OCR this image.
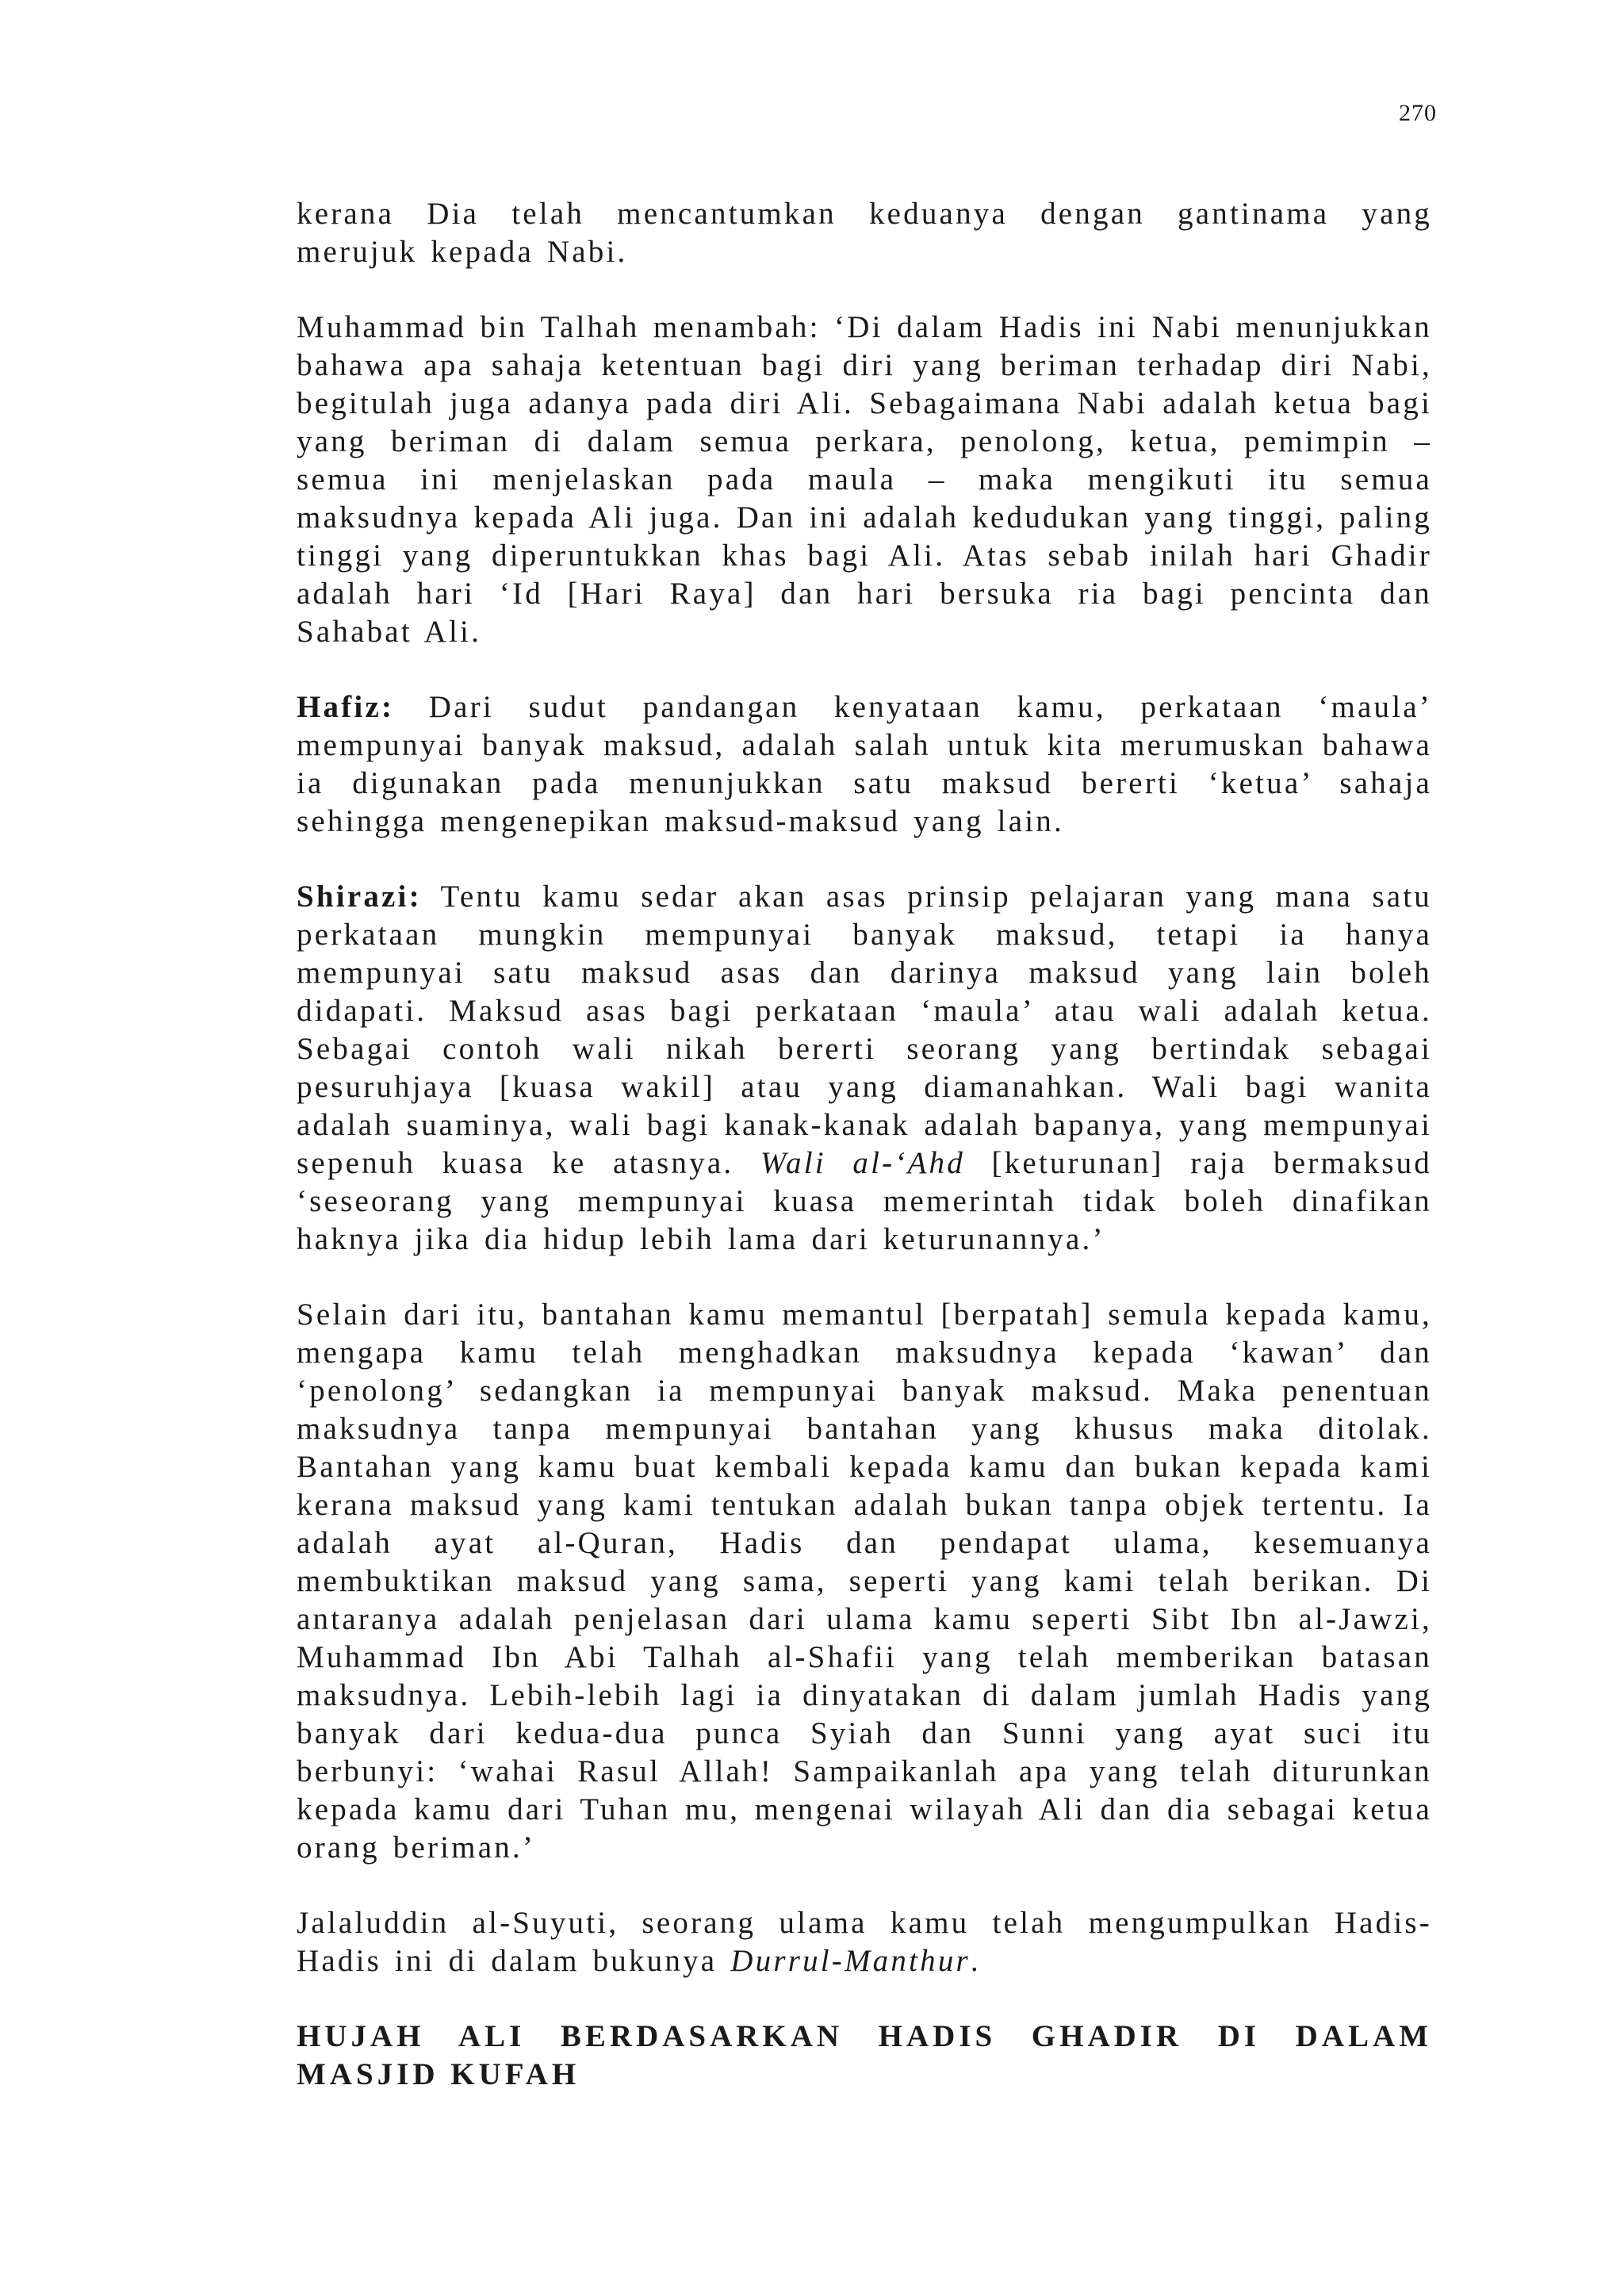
270

kerana Dia telah mencantumkan keduanya dengan gantinama yang merujuk kepada Nabi.

Muhammad bin Talhah menambah: ‘Di dalam Hadis ini Nabi menunjukkan bahawa apa sahaja ketentuan bagi diri yang beriman terhadap diri Nabi, begitulah juga adanya pada diri Ali. Sebagaimana Nabi adalah ketua bagi yang beriman di dalam semua perkara, penolong, ketua, pemimpin – semua ini menjelaskan pada maula – maka mengikuti itu semua maksudnya kepada Ali juga. Dan ini adalah kedudukan yang tinggi, paling tinggi yang diperuntukkan khas bagi Ali. Atas sebab inilah hari Ghadir adalah hari ‘Id [Hari Raya] dan hari bersuka ria bagi pencinta dan Sahabat Ali.

Hafiz: Dari sudut pandangan kenyataan kamu, perkataan ‘maula’ mempunyai banyak maksud, adalah salah untuk kita merumuskan bahawa ia digunakan pada menunjukkan satu maksud bererti ‘ketua’ sahaja sehingga mengenepikan maksud-maksud yang lain.

Shirazi: Tentu kamu sedar akan asas prinsip pelajaran yang mana satu perkataan mungkin mempunyai banyak maksud, tetapi ia hanya mempunyai satu maksud asas dan darinya maksud yang lain boleh didapati. Maksud asas bagi perkataan ‘maula’ atau wali adalah ketua. Sebagai contoh wali nikah bererti seorang yang bertindak sebagai pesuruhjaya [kuasa wakil] atau yang diamanahkan. Wali bagi wanita adalah suaminya, wali bagi kanak-kanak adalah bapanya, yang mempunyai sepenuh kuasa ke atasnya. Wali al-‘Ahd [keturunan] raja bermaksud ‘seseorang yang mempunyai kuasa memerintah tidak boleh dinafikan haknya jika dia hidup lebih lama dari keturunannya.’

Selain dari itu, bantahan kamu memantul [berpatah] semula kepada kamu, mengapa kamu telah menghadkan maksudnya kepada ‘kawan’ dan ‘penolong’ sedangkan ia mempunyai banyak maksud. Maka penentuan maksudnya tanpa mempunyai bantahan yang khusus maka ditolak. Bantahan yang kamu buat kembali kepada kamu dan bukan kepada kami kerana maksud yang kami tentukan adalah bukan tanpa objek tertentu. Ia adalah ayat al-Quran, Hadis dan pendapat ulama, kesemuanya membuktikan maksud yang sama, seperti yang kami telah berikan. Di antaranya adalah penjelasan dari ulama kamu seperti Sibt Ibn al-Jawzi, Muhammad Ibn Abi Talhah al-Shafii yang telah memberikan batasan maksudnya. Lebih-lebih lagi ia dinyatakan di dalam jumlah Hadis yang banyak dari kedua-dua punca Syiah dan Sunni yang ayat suci itu berbunyi: ‘wahai Rasul Allah! Sampaikanlah apa yang telah diturunkan kepada kamu dari Tuhan mu, mengenai wilayah Ali dan dia sebagai ketua orang beriman.’

Jalaluddin al-Suyuti, seorang ulama kamu telah mengumpulkan Hadis-Hadis ini di dalam bukunya Durrul-Manthur.

HUJAH ALI BERDASARKAN HADIS GHADIR DI DALAM MASJID KUFAH
